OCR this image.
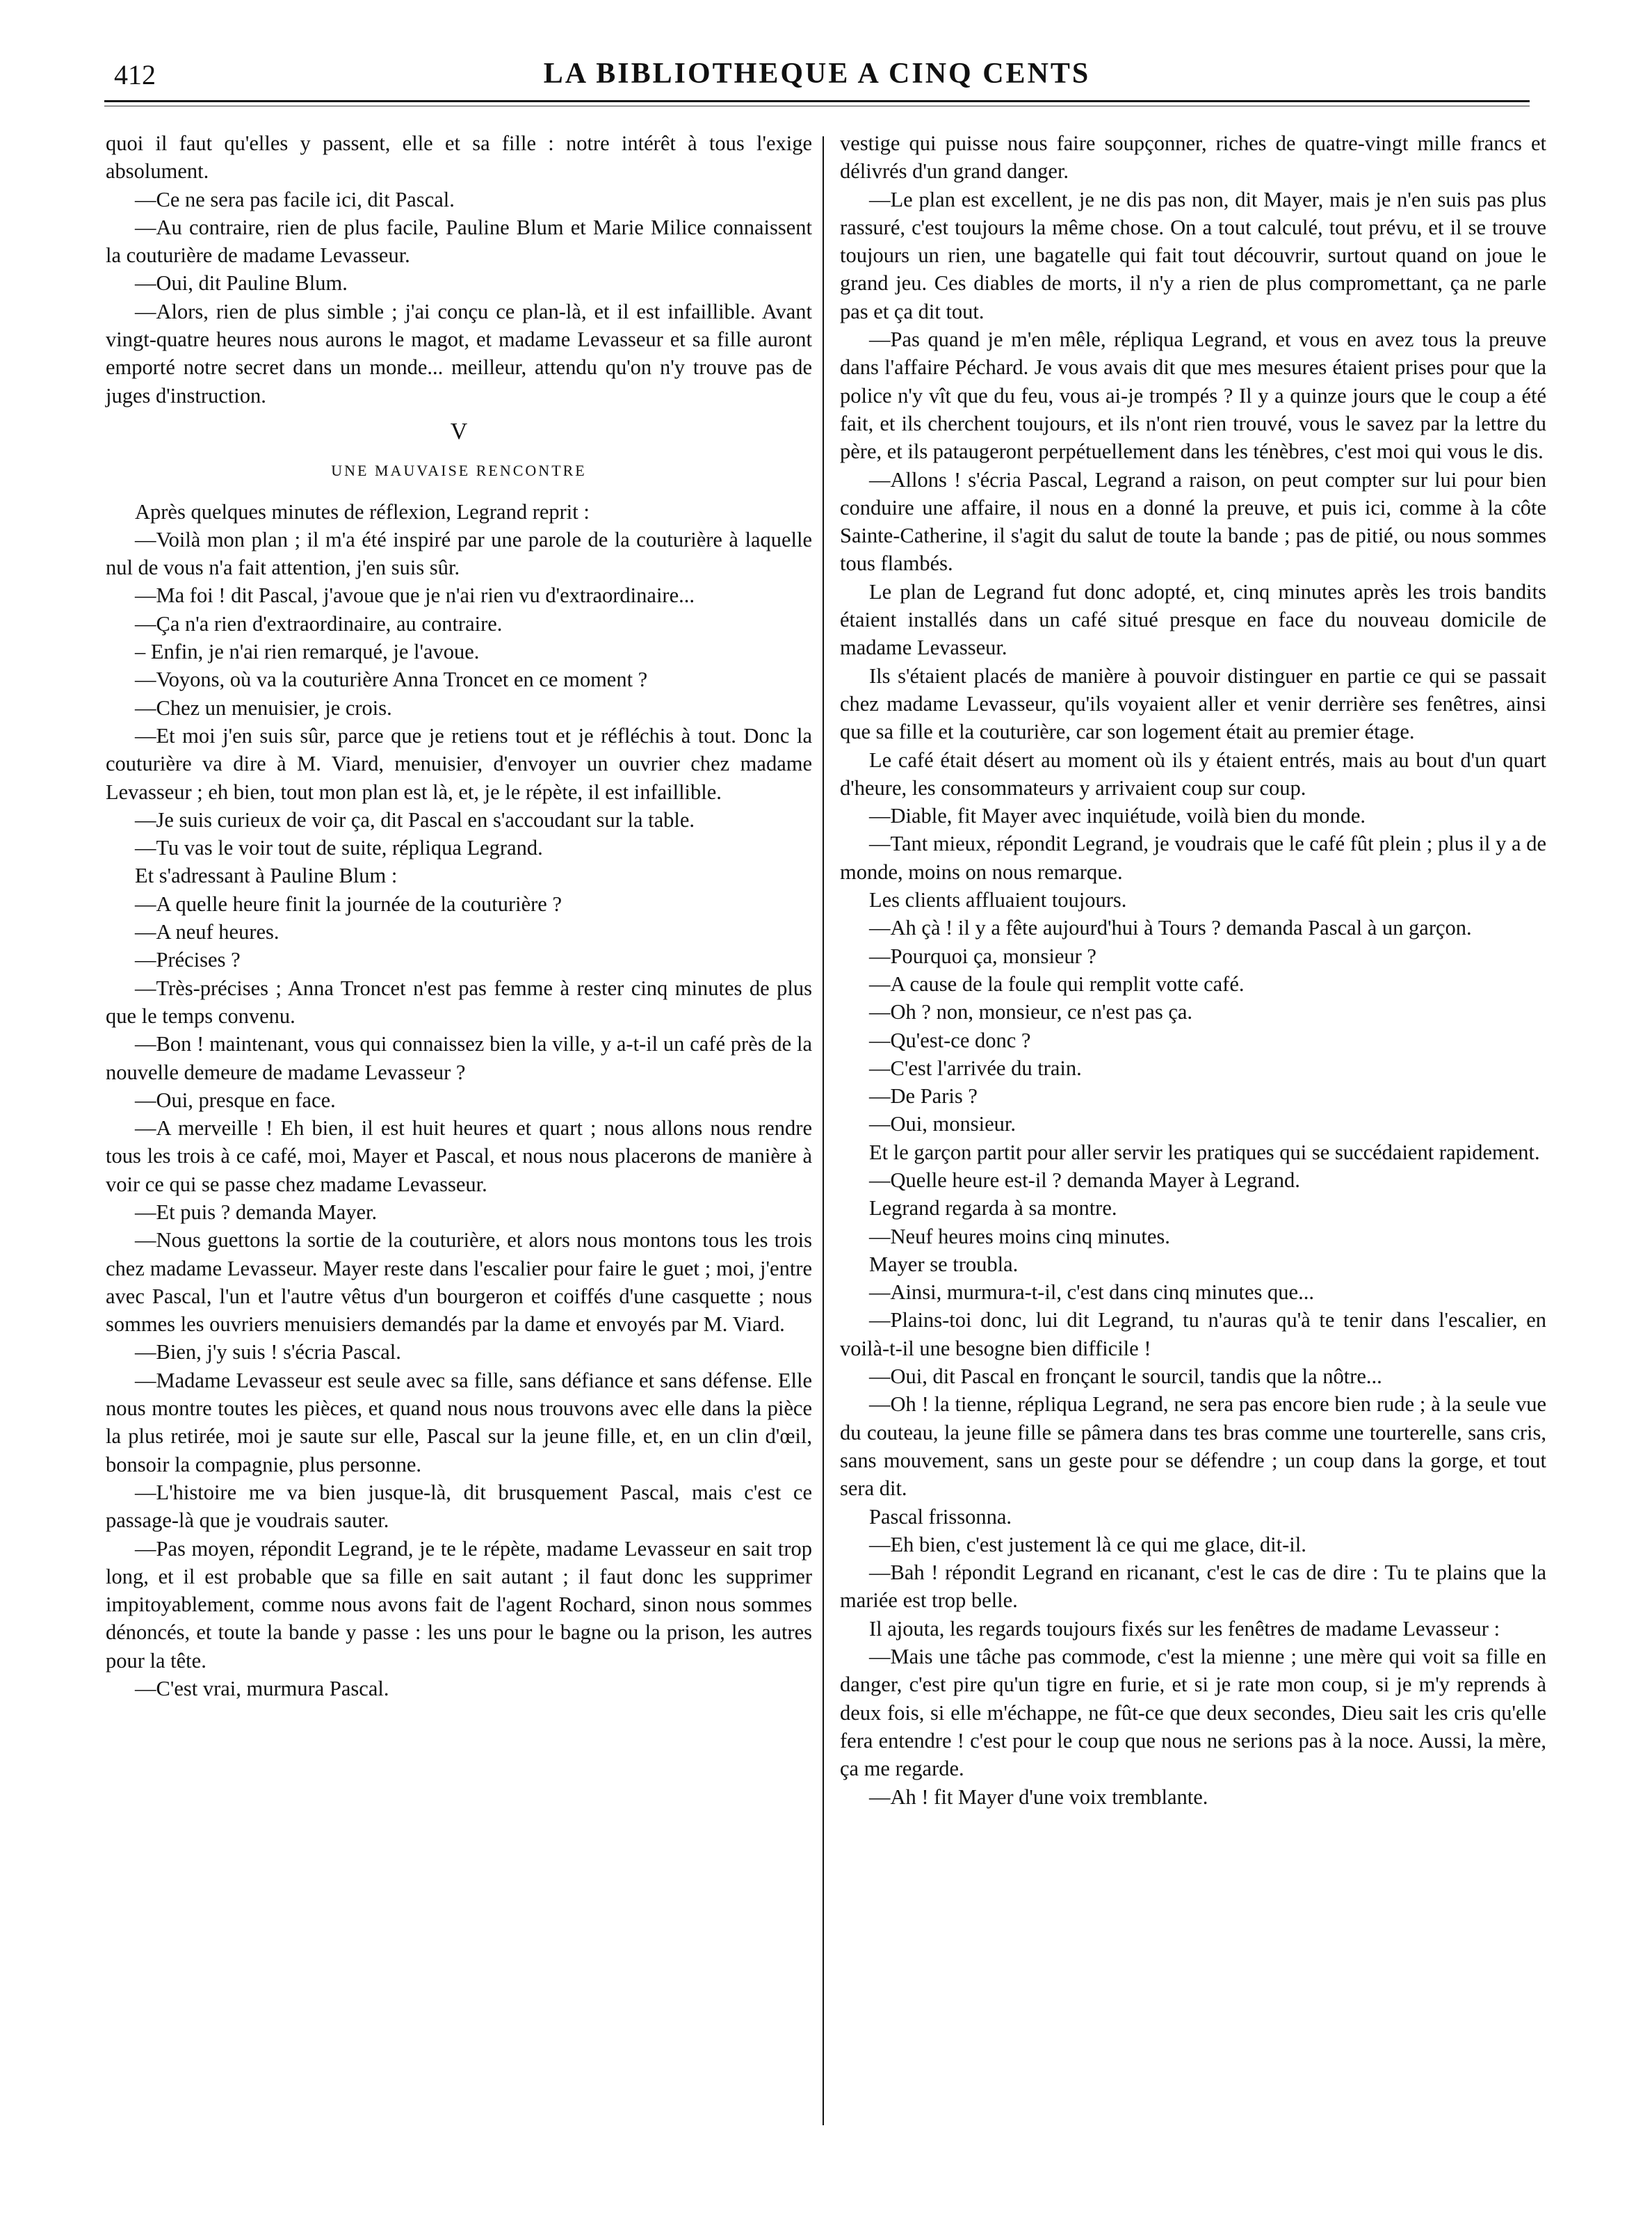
412	LA BIBLIOTHEQUE A CINQ CENTS

quoi il faut qu'elles y passent, elle et sa fille : notre intérêt à tous l'exige absolument.

—Ce ne sera pas facile ici, dit Pascal.

—Au contraire, rien de plus facile, Pauline Blum et Marie Milice connaissent la couturière de madame Levasseur.

—Oui, dit Pauline Blum.

—Alors, rien de plus simble ; j'ai conçu ce plan-là, et il est infaillible. Avant vingt-quatre heures nous aurons le magot, et madame Levasseur et sa fille auront emporté notre secret dans un monde... meilleur, attendu qu'on n'y trouve pas de juges d'instruction.

V
UNE MAUVAISE RENCONTRE

Après quelques minutes de réflexion, Legrand reprit :

—Voilà mon plan ; il m'a été inspiré par une parole de la couturière à laquelle nul de vous n'a fait attention, j'en suis sûr.

—Ma foi ! dit Pascal, j'avoue que je n'ai rien vu d'extraordinaire...

—Ça n'a rien d'extraordinaire, au contraire.

– Enfin, je n'ai rien remarqué, je l'avoue.

—Voyons, où va la couturière Anna Troncet en ce moment ?

—Chez un menuisier, je crois.

—Et moi j'en suis sûr, parce que je retiens tout et je réfléchis à tout. Donc la couturière va dire à M. Viard, menuisier, d'envoyer un ouvrier chez madame Levasseur ; eh bien, tout mon plan est là, et, je le répète, il est infaillible.

—Je suis curieux de voir ça, dit Pascal en s'accoudant sur la table.

—Tu vas le voir tout de suite, répliqua Legrand.

Et s'adressant à Pauline Blum :

—A quelle heure finit la journée de la couturière ?

—A neuf heures.

—Précises ?

—Très-précises ; Anna Troncet n'est pas femme à rester cinq minutes de plus que le temps convenu.

—Bon ! maintenant, vous qui connaissez bien la ville, y a-t-il un café près de la nouvelle demeure de madame Levasseur ?

—Oui, presque en face.

—A merveille ! Eh bien, il est huit heures et quart ; nous allons nous rendre tous les trois à ce café, moi, Mayer et Pascal, et nous nous placerons de manière à voir ce qui se passe chez madame Levasseur.

—Et puis ? demanda Mayer.

—Nous guettons la sortie de la couturière, et alors nous montons tous les trois chez madame Levasseur. Mayer reste dans l'escalier pour faire le guet ; moi, j'entre avec Pascal, l'un et l'autre vêtus d'un bourgeron et coiffés d'une casquette ; nous sommes les ouvriers menuisiers demandés par la dame et envoyés par M. Viard.

—Bien, j'y suis ! s'écria Pascal.

—Madame Levasseur est seule avec sa fille, sans défiance et sans défense. Elle nous montre toutes les pièces, et quand nous nous trouvons avec elle dans la pièce la plus retirée, moi je saute sur elle, Pascal sur la jeune fille, et, en un clin d'œil, bonsoir la compagnie, plus personne.

—L'histoire me va bien jusque-là, dit brusquement Pascal, mais c'est ce passage-là que je voudrais sauter.

—Pas moyen, répondit Legrand, je te le répète, madame Levasseur en sait trop long, et il est probable que sa fille en sait autant ; il faut donc les supprimer impitoyablement, comme nous avons fait de l'agent Rochard, sinon nous sommes dénoncés, et toute la bande y passe : les uns pour le bagne ou la prison, les autres pour la tête.

—C'est vrai, murmura Pascal.

vestige qui puisse nous faire soupçonner, riches de quatre-vingt mille francs et délivrés d'un grand danger.

—Le plan est excellent, je ne dis pas non, dit Mayer, mais je n'en suis pas plus rassuré, c'est toujours la même chose. On a tout calculé, tout prévu, et il se trouve toujours un rien, une bagatelle qui fait tout découvrir, surtout quand on joue le grand jeu. Ces diables de morts, il n'y a rien de plus compromettant, ça ne parle pas et ça dit tout.

—Pas quand je m'en mêle, répliqua Legrand, et vous en avez tous la preuve dans l'affaire Péchard. Je vous avais dit que mes mesures étaient prises pour que la police n'y vît que du feu, vous ai-je trompés ? Il y a quinze jours que le coup a été fait, et ils cherchent toujours, et ils n'ont rien trouvé, vous le savez par la lettre du père, et ils pataugeront perpétuellement dans les ténèbres, c'est moi qui vous le dis.

—Allons ! s'écria Pascal, Legrand a raison, on peut compter sur lui pour bien conduire une affaire, il nous en a donné la preuve, et puis ici, comme à la côte Sainte-Catherine, il s'agit du salut de toute la bande ; pas de pitié, ou nous sommes tous flambés.

Le plan de Legrand fut donc adopté, et, cinq minutes après les trois bandits étaient installés dans un café situé presque en face du nouveau domicile de madame Levasseur.

Ils s'étaient placés de manière à pouvoir distinguer en partie ce qui se passait chez madame Levasseur, qu'ils voyaient aller et venir derrière ses fenêtres, ainsi que sa fille et la couturière, car son logement était au premier étage.

Le café était désert au moment où ils y étaient entrés, mais au bout d'un quart d'heure, les consommateurs y arrivaient coup sur coup.

—Diable, fit Mayer avec inquiétude, voilà bien du monde.

—Tant mieux, répondit Legrand, je voudrais que le café fût plein ; plus il y a de monde, moins on nous remarque.

Les clients affluaient toujours.

—Ah çà ! il y a fête aujourd'hui à Tours ? demanda Pascal à un garçon.

—Pourquoi ça, monsieur ?

—A cause de la foule qui remplit votte café.

—Oh ? non, monsieur, ce n'est pas ça.

—Qu'est-ce donc ?

—C'est l'arrivée du train.

—De Paris ?

—Oui, monsieur.

Et le garçon partit pour aller servir les pratiques qui se succédaient rapidement.

—Quelle heure est-il ? demanda Mayer à Legrand.

Legrand regarda à sa montre.

—Neuf heures moins cinq minutes.

Mayer se troubla.

—Ainsi, murmura-t-il, c'est dans cinq minutes que...

—Plains-toi donc, lui dit Legrand, tu n'auras qu'à te tenir dans l'escalier, en voilà-t-il une besogne bien difficile !

—Oui, dit Pascal en fronçant le sourcil, tandis que la nôtre...

—Oh ! la tienne, répliqua Legrand, ne sera pas encore bien rude ; à la seule vue du couteau, la jeune fille se pâmera dans tes bras comme une tourterelle, sans cris, sans mouvement, sans un geste pour se défendre ; un coup dans la gorge, et tout sera dit.

Pascal frissonna.

—Eh bien, c'est justement là ce qui me glace, dit-il.

—Bah ! répondit Legrand en ricanant, c'est le cas de dire : Tu te plains que la mariée est trop belle.

Il ajouta, les regards toujours fixés sur les fenêtres de madame Levasseur :

—Mais une tâche pas commode, c'est la mienne ; une mère qui voit sa fille en danger, c'est pire qu'un tigre en furie, et si je rate mon coup, si je m'y reprends à deux fois, si elle m'échappe, ne fût-ce que deux secondes, Dieu sait les cris qu'elle fera entendre ! c'est pour le coup que nous ne serions pas à la noce. Aussi, la mère, ça me regarde.

—Ah ! fit Mayer d'une voix tremblante.
